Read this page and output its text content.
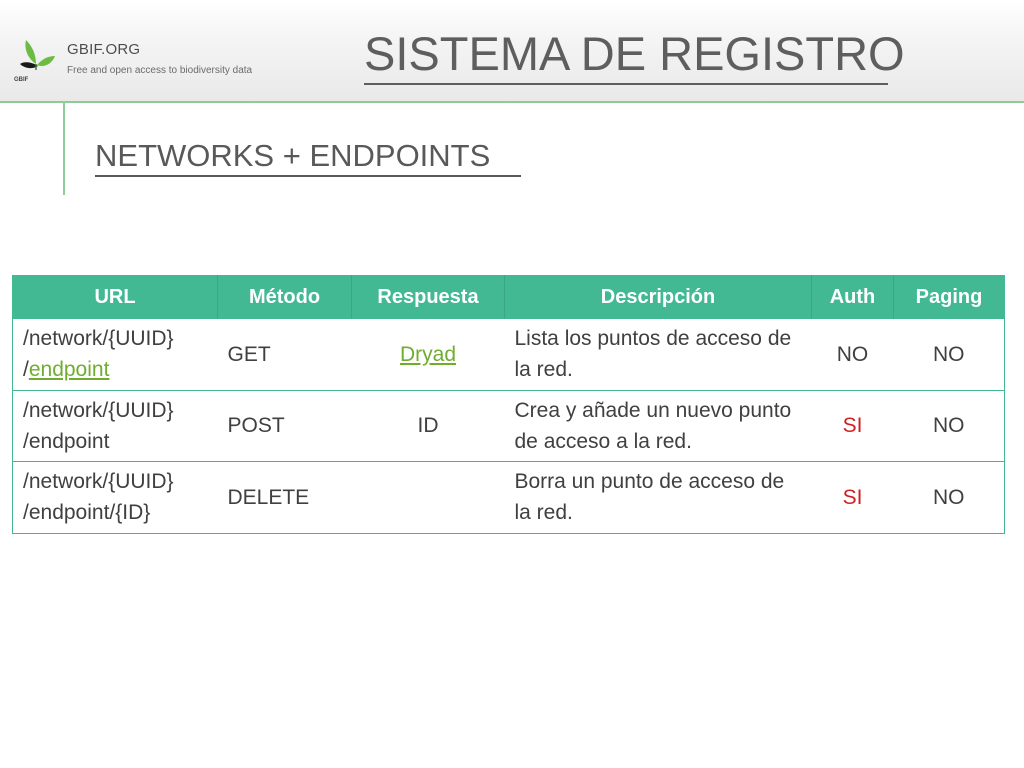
GBIF
GBIF.ORG
Free and open access to biodiversity data SISTEMA DE REGISTRO
NETWORKS + ENDPOINTS
URL	Método	Respuesta	Descripción	Auth	Paging
/network/{UUID}
/endpoint	GET	Dryad	Lista los puntos de acceso de la red.	NO	NO
/network/{UUID}
/endpoint	POST	ID	Crea y añade un nuevo punto de acceso a la red.	SI	NO
/network/{UUID}
/endpoint/{ID}	DELETE		Borra un punto de acceso de la red.	SI	NO
